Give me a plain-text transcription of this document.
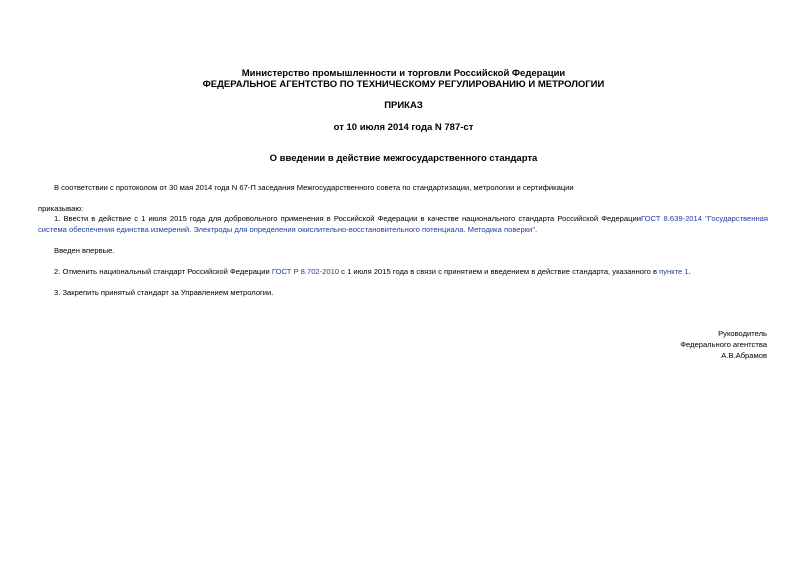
Министерство промышленности и торговли Российской Федерации
ФЕДЕРАЛЬНОЕ АГЕНТСТВО ПО ТЕХНИЧЕСКОМУ РЕГУЛИРОВАНИЮ И МЕТРОЛОГИИ
ПРИКАЗ
от 10 июля 2014 года N 787-ст
О введении в действие межгосударственного стандарта
В соответствии с протоколом от 30 мая 2014 года N 67-П заседания Межгосударственного совета по стандартизации, метрологии и сертификации
приказываю:
1. Ввести в действие с 1 июля 2015 года для добровольного применения в Российской Федерации в качестве национального стандарта Российской ФедерацииГОСТ 8.639-2014 "Государственная система обеспечения единства измерений. Электроды для определения окислительно-восстановительного потенциала. Методика поверки".
Введен впервые.
2. Отменить национальный стандарт Российской Федерации ГОСТ Р 8.702-2010 с 1 июля 2015 года в связи с принятием и введением в действие стандарта, указанного в пункте 1.
3. Закрепить принятый стандарт за Управлением метрологии.
Руководитель
Федерального агентства
А.В.Абрамов
